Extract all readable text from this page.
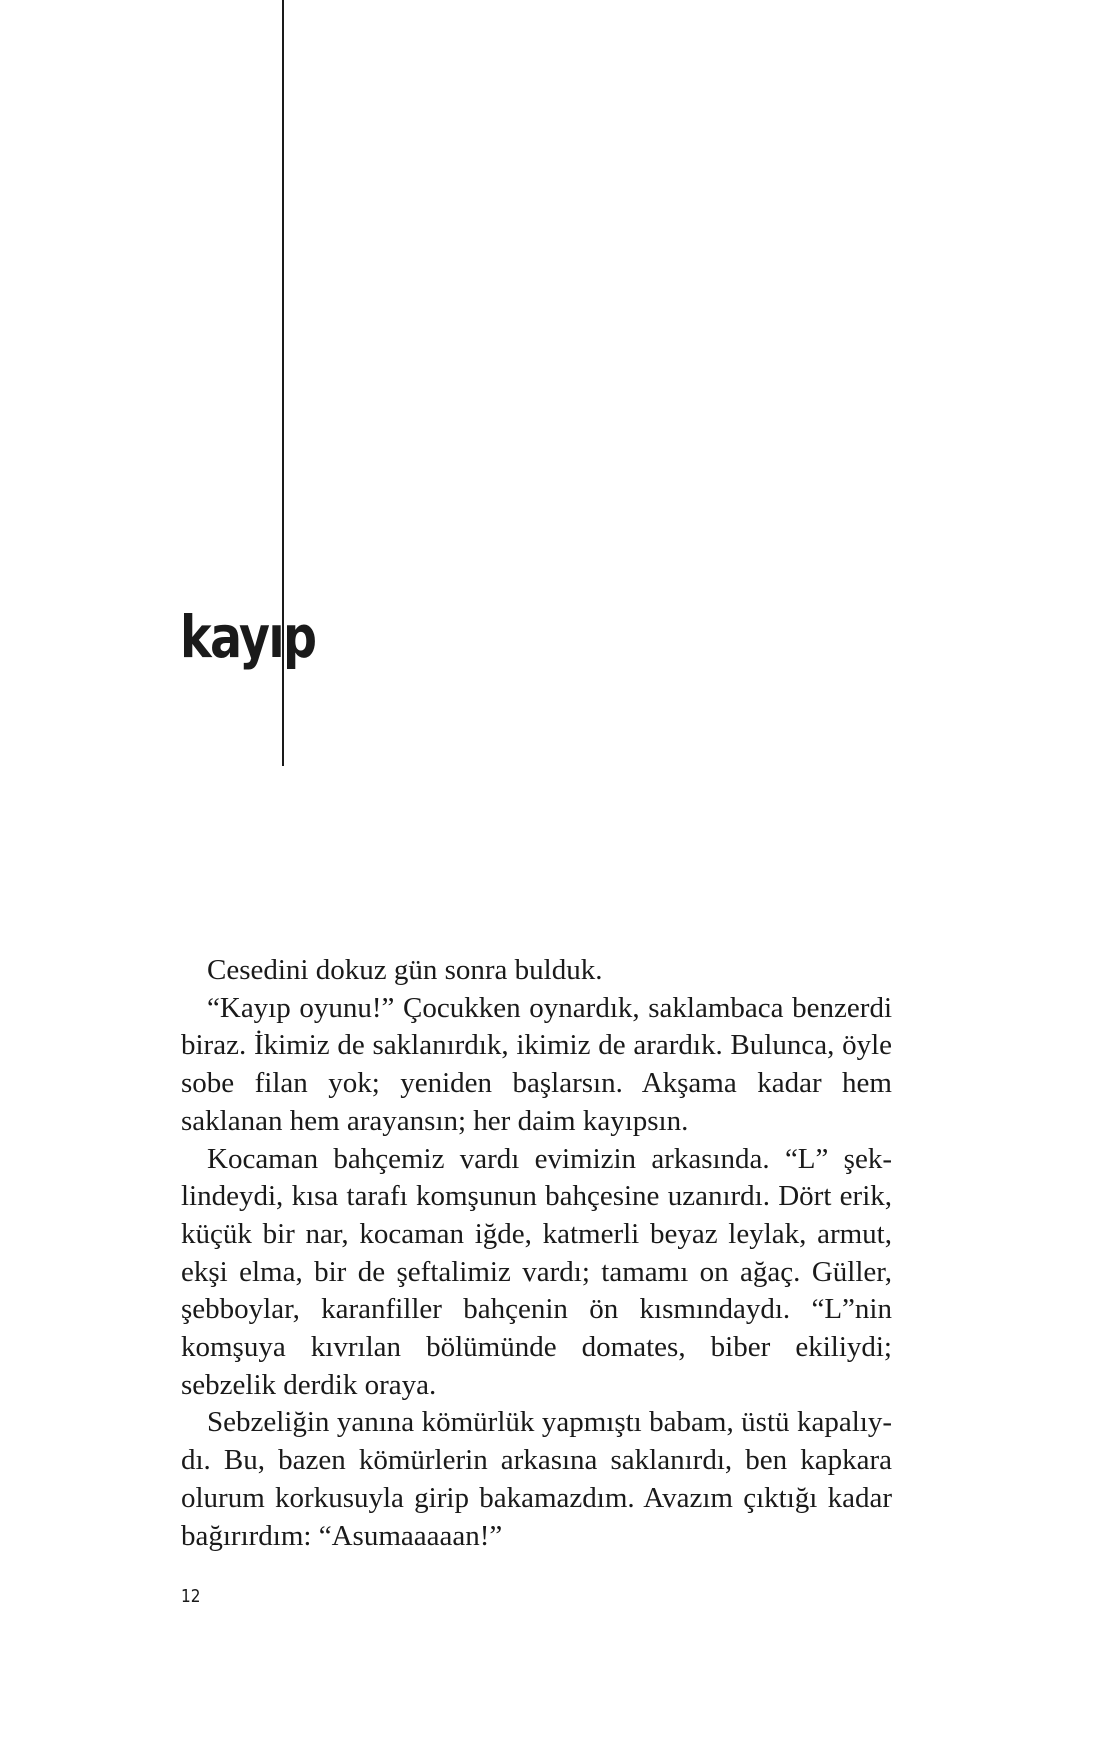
kayıp

Cesedini dokuz gün sonra bulduk.

“Kayıp oyunu!” Çocukken oynardık, saklambaca benzerdi biraz. İkimiz de saklanırdık, ikimiz de arardık. Bulunca, öyle sobe filan yok; yeniden başlarsın. Akşama kadar hem saklanan hem arayansın; her daim kayıpsın.

Kocaman bahçemiz vardı evimizin arkasında. “L” şeklindeydi, kısa tarafı komşunun bahçesine uzanırdı. Dört erik, küçük bir nar, kocaman iğde, katmerli beyaz leylak, armut, ekşi elma, bir de şeftalimiz vardı; tamamı on ağaç. Güller, şebboylar, karanfiller bahçenin ön kısmındaydı. “L”nin komşuya kıvrılan bölümünde domates, biber ekiliydi; sebzelik derdik oraya.

Sebzeliğin yanına kömürlük yapmıştı babam, üstü kapalıydı. Bu, bazen kömürlerin arkasına saklanırdı, ben kapkara olurum korkusuyla girip bakamazdım. Avazım çıktığı kadar bağırırdım: “Asumaaaaan!”

12
